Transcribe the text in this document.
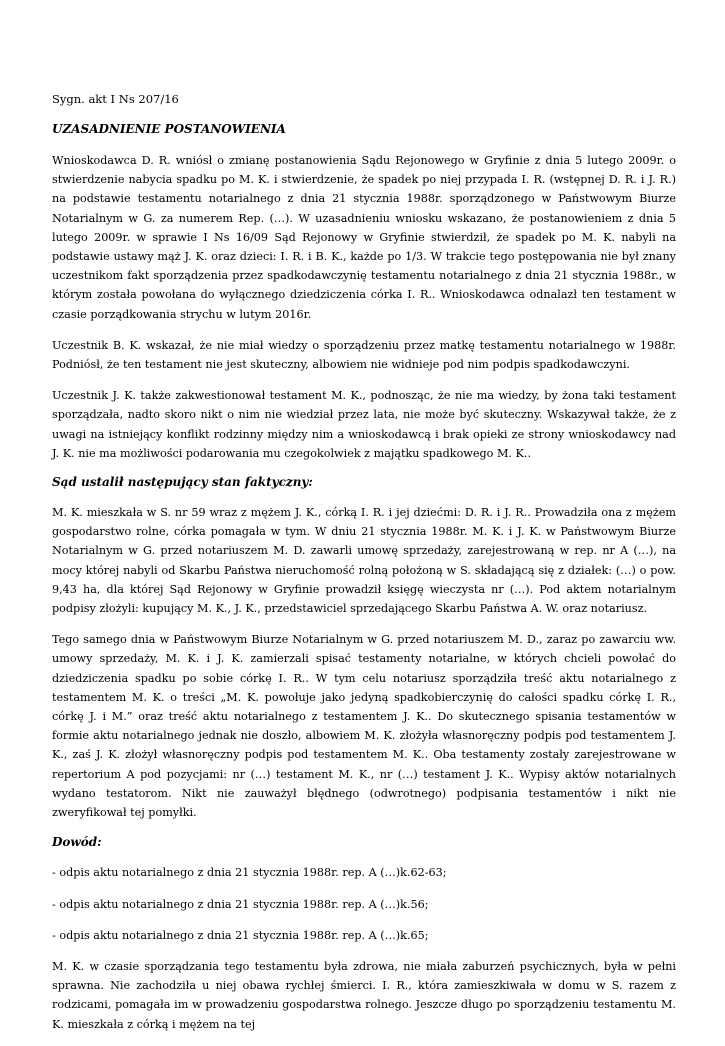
Sygn. akt I Ns 207/16

UZASADNIENIE POSTANOWIENIA

Wnioskodawca D. R. wniósł o zmianę postanowienia Sądu Rejonowego w Gryfinie z dnia 5 lutego 2009r. o stwierdzenie nabycia spadku po M. K. i stwierdzenie, że spadek po niej przypada I. R. (wstępnej D. R. i J. R.) na podstawie testamentu notarialnego z dnia 21 stycznia 1988r. sporządzonego w Państwowym Biurze Notarialnym w G. za numerem Rep. (…). W uzasadnieniu wniosku wskazano, że postanowieniem z dnia 5 lutego 2009r. w sprawie I Ns 16/09 Sąd Rejonowy w Gryfinie stwierdził, że spadek po M. K. nabyli na podstawie ustawy mąż J. K. oraz dzieci: I. R. i B. K., każde po 1/3. W trakcie tego postępowania nie był znany uczestnikom fakt sporządzenia przez spadkodawczynię testamentu notarialnego z dnia 21 stycznia 1988r., w którym została powołana do wyłącznego dziedziczenia córka I. R.. Wnioskodawca odnalazł ten testament w czasie porządkowania strychu w lutym 2016r.

Uczestnik B. K. wskazał, że nie miał wiedzy o sporządzeniu przez matkę testamentu notarialnego w 1988r. Podniósł, że ten testament nie jest skuteczny, albowiem nie widnieje pod nim podpis spadkodawczyni.

Uczestnik J. K. także zakwestionował testament M. K., podnosząc, że nie ma wiedzy, by żona taki testament sporządzała, nadto skoro nikt o nim nie wiedział przez lata, nie może być skuteczny. Wskazywał także, że z uwagi na istniejący konflikt rodzinny między nim a wnioskodawcą i brak opieki ze strony wnioskodawcy nad J. K. nie ma możliwości podarowania mu czegokolwiek z majątku spadkowego M. K..

Sąd ustalił następujący stan faktyczny:

M. K. mieszkała w S. nr 59 wraz z mężem J. K., córką I. R. i jej dziećmi: D. R. i J. R.. Prowadziła ona z mężem gospodarstwo rolne, córka pomagała w tym. W dniu 21 stycznia 1988r. M. K. i J. K. w Państwowym Biurze Notarialnym w G. przed notariuszem M. D. zawarli umowę sprzedaży, zarejestrowaną w rep. nr A (…), na mocy której nabyli od Skarbu Państwa nieruchomość rolną położoną w S. składającą się z działek: (…) o pow. 9,43 ha, dla której Sąd Rejonowy w Gryfinie prowadził księgę wieczysta nr (…). Pod aktem notarialnym podpisy złożyli: kupujący M. K., J. K., przedstawiciel sprzedającego Skarbu Państwa A. W. oraz notariusz.

Tego samego dnia w Państwowym Biurze Notarialnym w G. przed notariuszem M. D., zaraz po zawarciu ww. umowy sprzedaży, M. K. i J. K. zamierzali spisać testamenty notarialne, w których chcieli powołać do dziedziczenia spadku po sobie córkę I. R.. W tym celu notariusz sporządziła treść aktu notarialnego z testamentem M. K. o treści „M. K. powołuje jako jedyną spadkobierczynię do całości spadku córkę I. R., córkę J. i M.” oraz treść aktu notarialnego z testamentem J. K.. Do skutecznego spisania testamentów w formie aktu notarialnego jednak nie doszło, albowiem M. K. złożyła własnoręczny podpis pod testamentem J. K., zaś J. K. złożył własnoręczny podpis pod testamentem M. K.. Oba testamenty zostały zarejestrowane w repertorium A pod pozycjami: nr (…) testament M. K., nr (…) testament J. K.. Wypisy aktów notarialnych wydano testatorom. Nikt nie zauważył błędnego (odwrotnego) podpisania testamentów i nikt nie zweryfikował tej pomyłki.

Dowód:

- odpis aktu notarialnego z dnia 21 stycznia 1988r. rep. A (…)k.62-63;

- odpis aktu notarialnego z dnia 21 stycznia 1988r. rep. A (…)k.56;

- odpis aktu notarialnego z dnia 21 stycznia 1988r. rep. A (…)k.65;

M. K. w czasie sporządzania tego testamentu była zdrowa, nie miała zaburzeń psychicznych, była w pełni sprawna. Nie zachodziła u niej obawa rychłej śmierci. I. R., która zamieszkiwała w domu w S. razem z rodzicami, pomagała im w prowadzeniu gospodarstwa rolnego. Jeszcze długo po sporządzeniu testamentu M. K. mieszkała z córką i mężem na tej
